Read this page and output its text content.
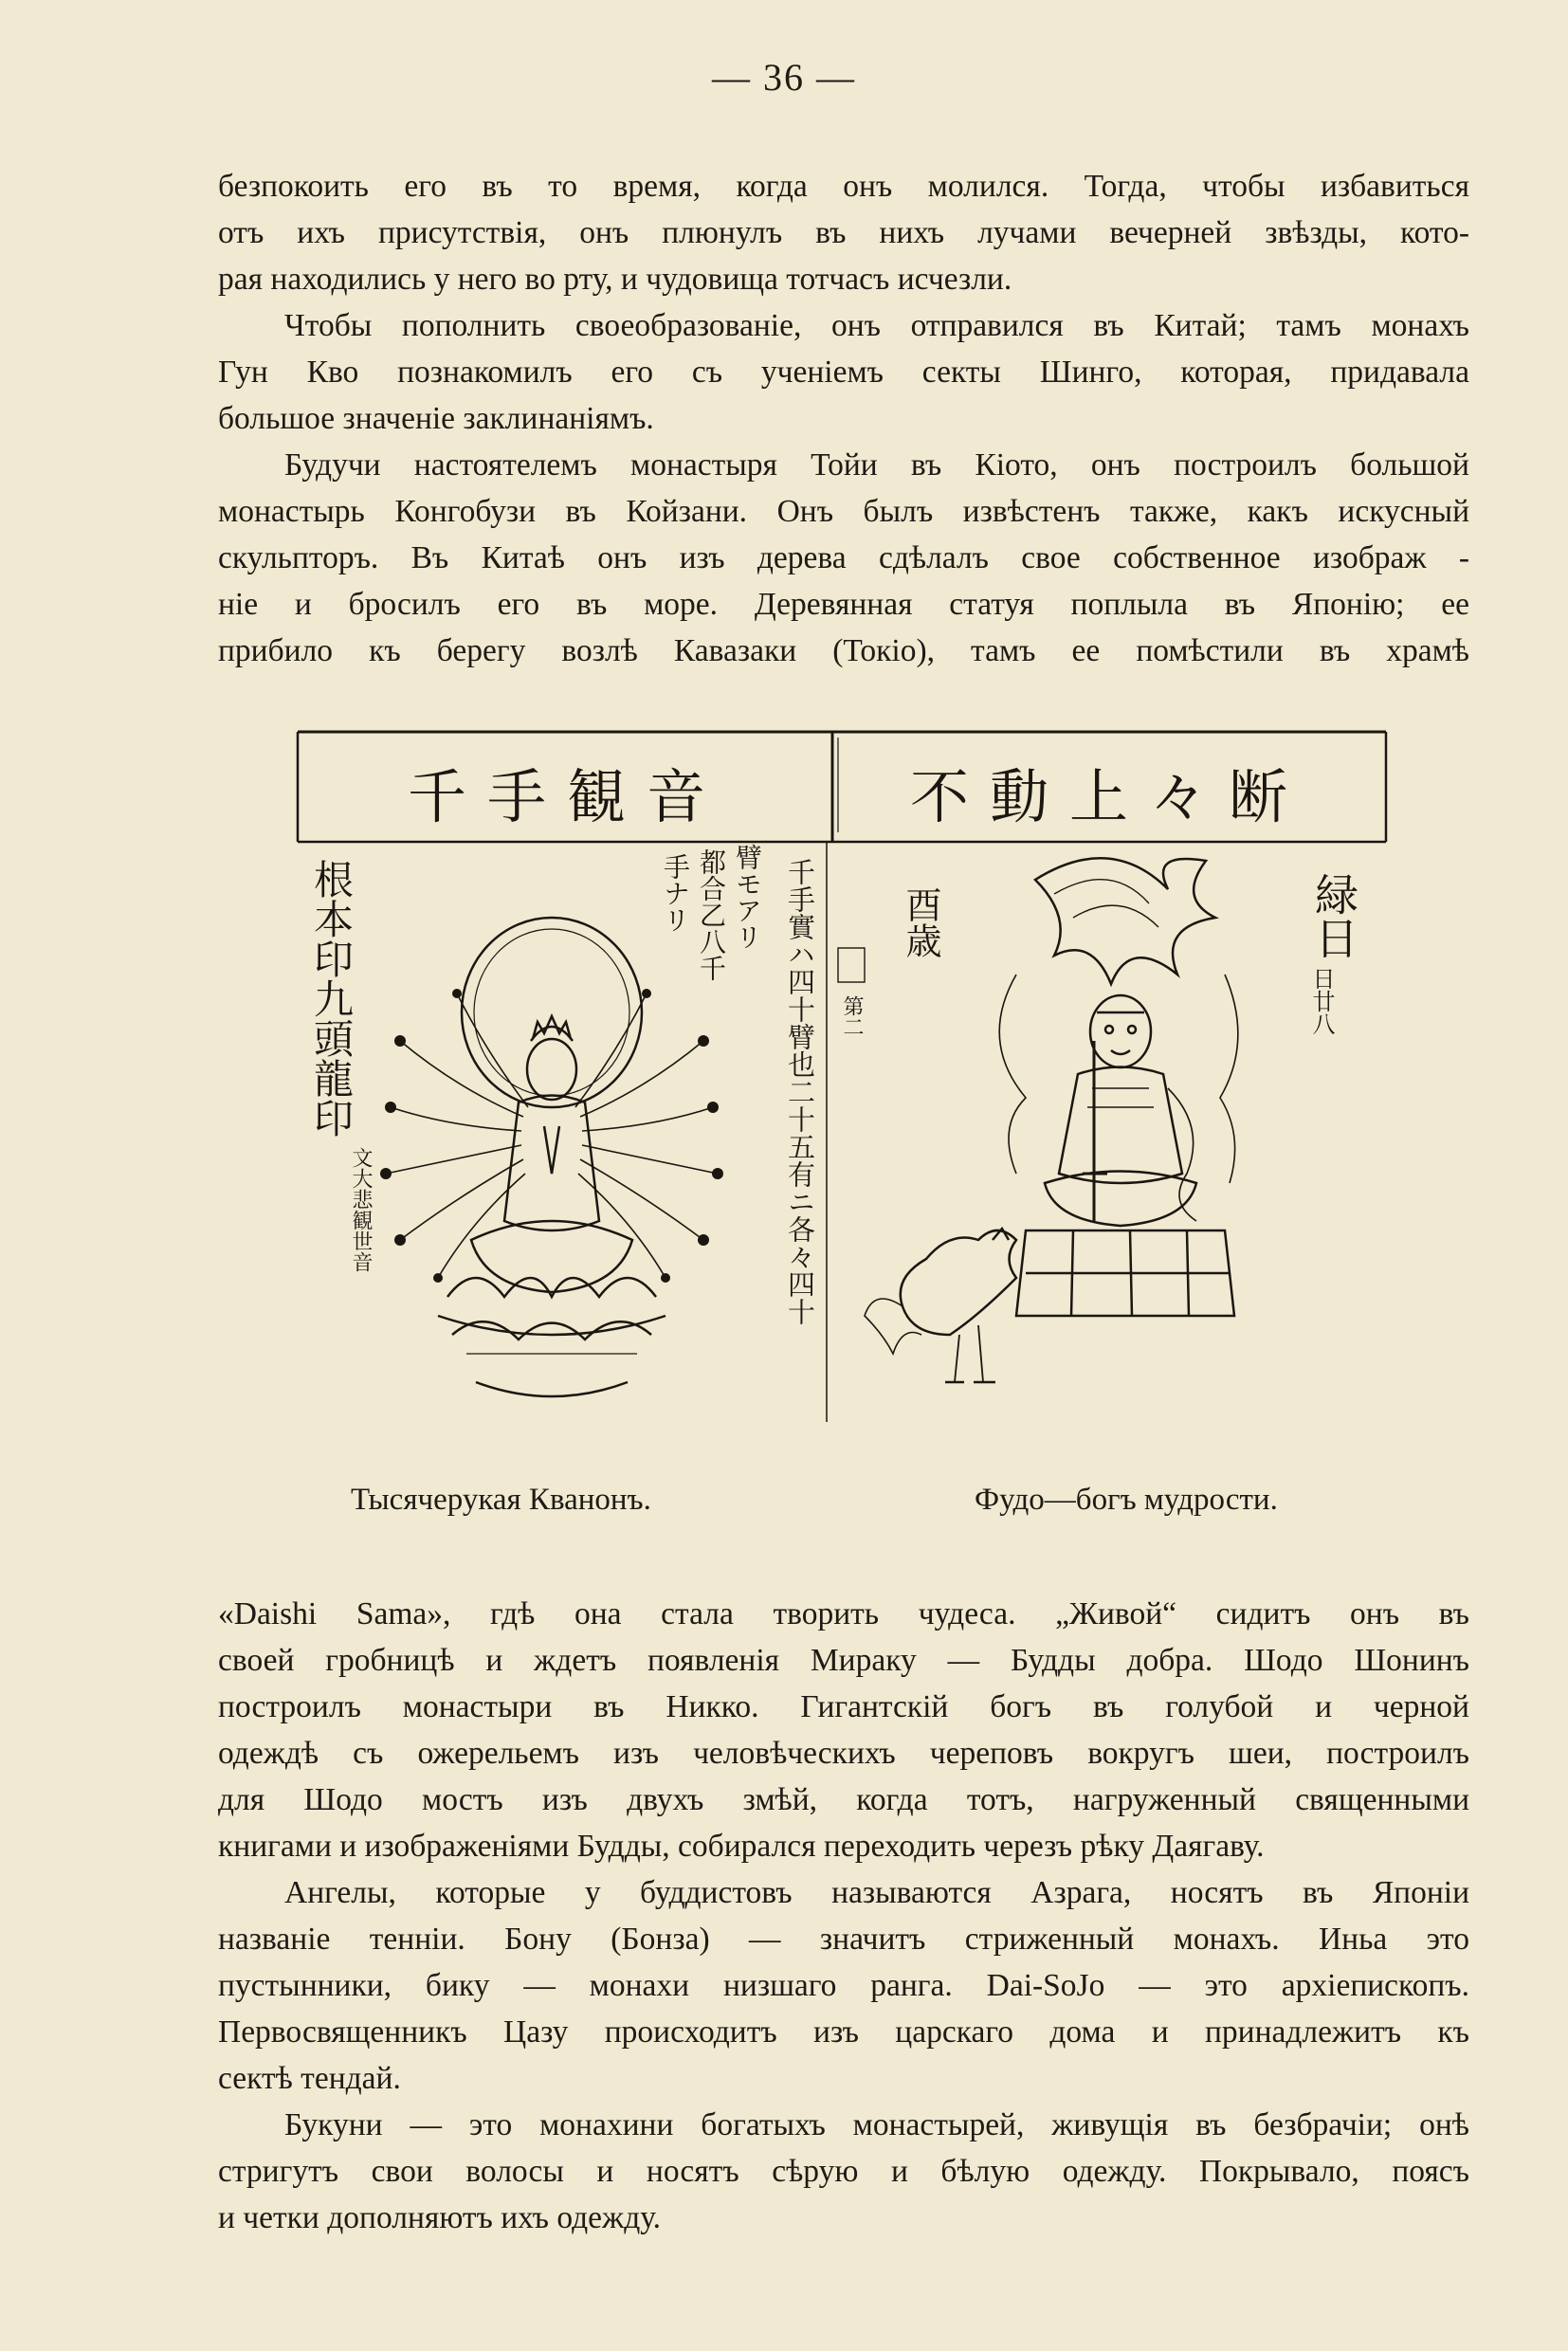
— 36 —

безпокоить его въ то время, когда онъ молился. Тогда, чтобы избавиться

отъ ихъ присутствія, онъ плюнулъ въ нихъ лучами вечерней звѣзды, кото-

рая находились у него во рту, и чудовища тотчасъ исчезли.

Чтобы пополнить своеобразованіе, онъ отправился въ Китай; тамъ монахъ

Гун Кво познакомилъ его съ ученіемъ секты Шинго, которая, придавала

большое значеніе заклинаніямъ.

Будучи настоятелемъ монастыря Тойи въ Кіото, онъ построилъ большой

монастырь Конгобузи въ Койзани. Онъ былъ извѣстенъ также, какъ искусный

скульпторъ. Въ Китаѣ онъ изъ дерева сдѣлалъ свое собственное изображ -

ніе и бросилъ его въ море. Деревянная статуя поплыла въ Японію; ее

прибило къ берегу возлѣ Кавазаки (Токіо), тамъ ее помѣстили въ храмѣ

千手観音	不動上々断
根本印九頭龍印
文大悲観世音
手ナリ 都合乙八千 臂モアリ 千手實ハ四十臂也二十五有ニ各々四十	緑日
日廿八
酉歳
第二
Тысячерукая Кванонъ.	Фудо—богъ мудрости.

«Daishi Sama», гдѣ она стала творить чудеса. „Живой“ сидитъ онъ въ

своей гробницѣ и ждетъ появленія Мираку — Будды добра. Шодо Шонинъ

построилъ монастыри въ Никко. Гигантскій богъ въ голубой и черной

одеждѣ съ ожерельемъ изъ человѣческихъ череповъ вокругъ шеи, построилъ

для Шодо мостъ изъ двухъ змѣй, когда тотъ, нагруженный священными

книгами и изображеніями Будды, собирался переходить черезъ рѣку Даягаву.

Ангелы, которые у буддистовъ называются Азрага, носятъ въ Японіи

названіе тенніи. Бону (Бонза) — значитъ стриженный монахъ. Иньа это

пустынники, бику — монахи низшаго ранга. Dai-SoJo — это архіепископъ.

Первосвященникъ Цазу происходитъ изъ царскаго дома и принадлежитъ къ

сектѣ тендай.

Букуни — это монахини богатыхъ монастырей, живущія въ безбрачіи; онѣ

стригутъ свои волосы и носятъ сѣрую и бѣлую одежду. Покрывало, поясъ

и четки дополняютъ ихъ одежду.
